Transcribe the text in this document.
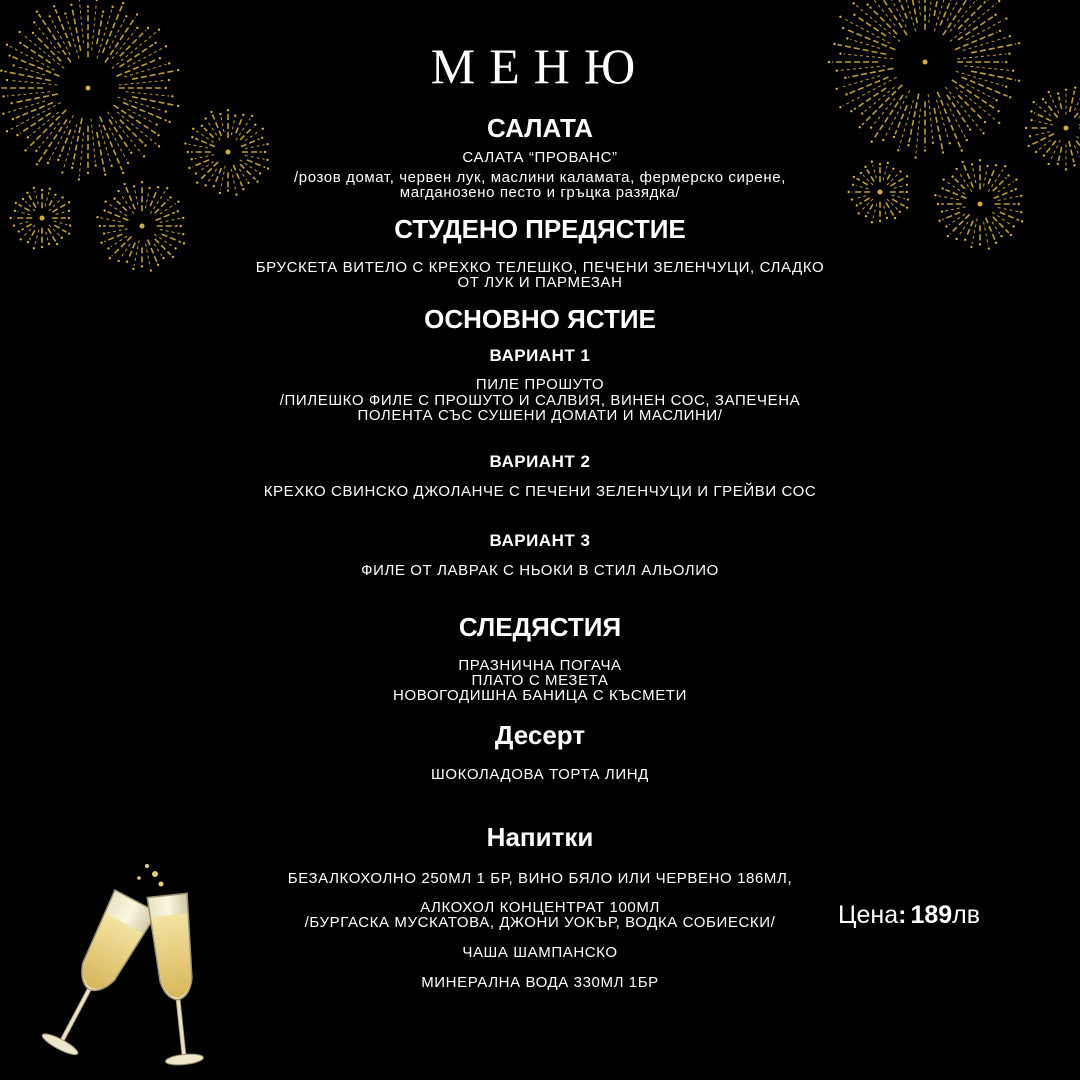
МЕНЮ
САЛАТА
САЛАТА “ПРОВАНС”
/розов домат, червен лук, маслини каламата, фермерско сирене,
магданозено песто и гръцка разядка/
СТУДЕНО ПРЕДЯСТИЕ
БРУСКЕТА ВИТЕЛО С КРЕХКО ТЕЛЕШКО, ПЕЧЕНИ ЗЕЛЕНЧУЦИ, СЛАДКО
ОТ ЛУК И ПАРМЕЗАН
ОСНОВНО ЯСТИЕ
ВАРИАНТ 1
ПИЛЕ ПРОШУТО
/ПИЛЕШКО ФИЛЕ С ПРОШУТО И САЛВИЯ, ВИНЕН СОС, ЗАПЕЧЕНА
ПОЛЕНТА СЪС СУШЕНИ ДОМАТИ И МАСЛИНИ/
ВАРИАНТ 2
КРЕХКО СВИНСКО ДЖОЛАНЧЕ С ПЕЧЕНИ ЗЕЛЕНЧУЦИ И ГРЕЙВИ СОС
ВАРИАНТ 3
ФИЛЕ ОТ ЛАВРАК С НЬОКИ В СТИЛ АЛЬОЛИО
СЛЕДЯСТИЯ
ПРАЗНИЧНА ПОГАЧА
ПЛАТО С МЕЗЕТА
НОВОГОДИШНА БАНИЦА С КЪСМЕТИ
Десерт
ШОКОЛАДОВА ТОРТА ЛИНД
Напитки
БЕЗАЛКОХОЛНО 250МЛ 1 БР, ВИНО БЯЛО ИЛИ ЧЕРВЕНО 186МЛ,
АЛКОХОЛ КОНЦЕНТРАТ 100МЛ
/БУРГАСКА МУСКАТОВА, ДЖОНИ УОКЪР, ВОДКА СОБИЕСКИ/
ЧАША ШАМПАНСКО
МИНЕРАЛНА ВОДА 330МЛ 1БР
Цена: 189лв
